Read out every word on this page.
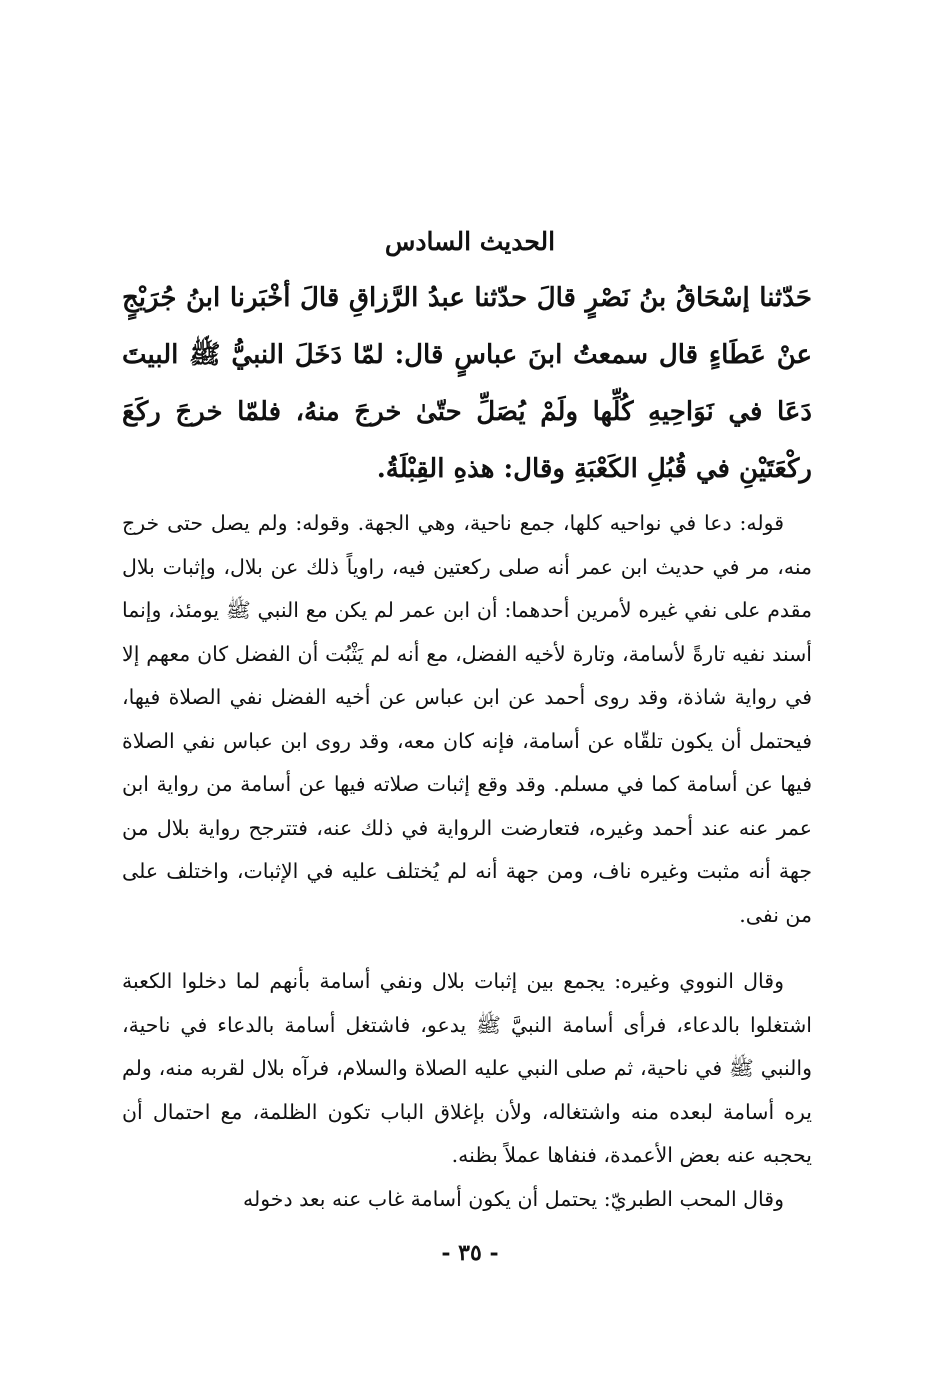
الحديث السادس

حَدّثنا إسْحَاقُ بنُ نَصْرٍ قالَ حدّثنا عبدُ الرَّزاقِ قالَ أخْبَرنا ابنُ جُرَيْجٍ عنْ عَطَاءٍ قال سمعتُ ابنَ عباسٍ قال: لمّا دَخَلَ النبيُّ ﷺ البيتَ دَعَا في نَوَاحِيهِ كُلِّها ولَمْ يُصَلِّ حتّىٰ خرجَ منهُ، فلمّا خرجَ ركَعَ ركْعَتَيْنِ في قُبُلِ الكَعْبَةِ وقال: هذهِ القِبْلَةُ.

قوله: دعا في نواحيه كلها، جمع ناحية، وهي الجهة. وقوله: ولم يصل حتى خرج منه، مر في حديث ابن عمر أنه صلى ركعتين فيه، راوياً ذلك عن بلال، وإثبات بلال مقدم على نفي غيره لأمرين أحدهما: أن ابن عمر لم يكن مع النبي ﷺ يومئذ، وإنما أسند نفيه تارةً لأسامة، وتارة لأخيه الفضل، مع أنه لم يَثْبُت أن الفضل كان معهم إلا في رواية شاذة، وقد روى أحمد عن ابن عباس عن أخيه الفضل نفي الصلاة فيها، فيحتمل أن يكون تلقّاه عن أسامة، فإنه كان معه، وقد روى ابن عباس نفي الصلاة فيها عن أسامة كما في مسلم. وقد وقع إثبات صلاته فيها عن أسامة من رواية ابن عمر عنه عند أحمد وغيره، فتعارضت الرواية في ذلك عنه، فتترجح رواية بلال من جهة أنه مثبت وغيره ناف، ومن جهة أنه لم يُختلف عليه في الإثبات، واختلف على من نفى.

وقال النووي وغيره: يجمع بين إثبات بلال ونفي أسامة بأنهم لما دخلوا الكعبة اشتغلوا بالدعاء، فرأى أسامة النبيَّ ﷺ يدعو، فاشتغل أسامة بالدعاء في ناحية، والنبي ﷺ في ناحية، ثم صلى النبي عليه الصلاة والسلام، فرآه بلال لقربه منه، ولم يره أسامة لبعده منه واشتغاله، ولأن بإغلاق الباب تكون الظلمة، مع احتمال أن يحجبه عنه بعض الأعمدة، فنفاها عملاً بظنه.

وقال المحب الطبريّ: يحتمل أن يكون أسامة غاب عنه بعد دخوله

- ٣٥ -
